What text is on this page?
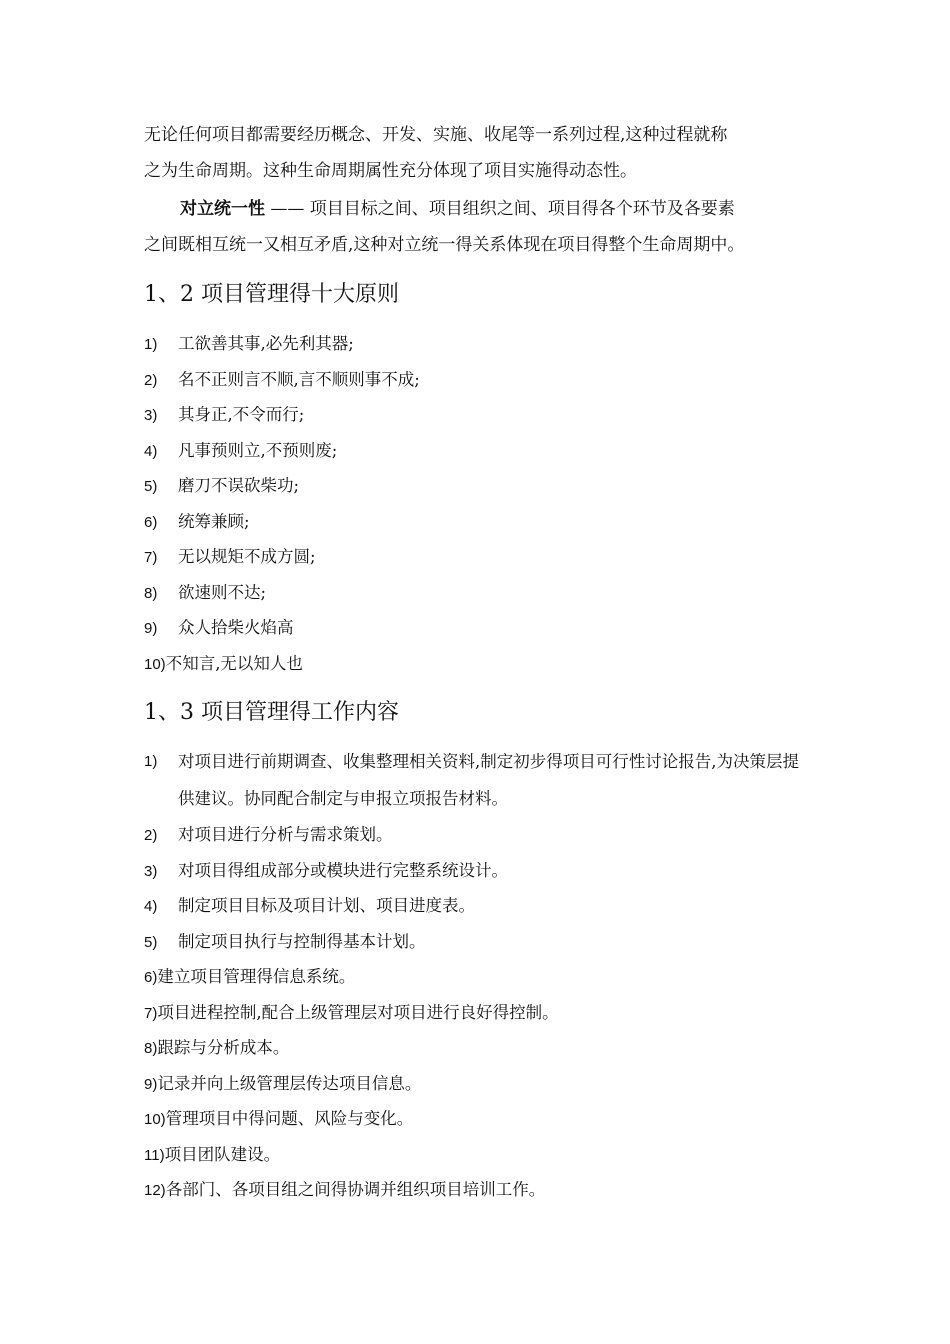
无论任何项目都需要经历概念、开发、实施、收尾等一系列过程,这种过程就称
之为生命周期。这种生命周期属性充分体现了项目实施得动态性。

对立统一性 —— 项目目标之间、项目组织之间、项目得各个环节及各要素
之间既相互统一又相互矛盾,这种对立统一得关系体现在项目得整个生命周期中。

1、2 项目管理得十大原则
1) 工欲善其事,必先利其器;
2) 名不正则言不顺,言不顺则事不成;
3) 其身正,不令而行;
4) 凡事预则立,不预则废;
5) 磨刀不误砍柴功;
6) 统筹兼顾;
7) 无以规矩不成方圆;
8) 欲速则不达;
9) 众人拾柴火焰高
10)不知言,无以知人也
1、3 项目管理得工作内容
1)	对项目进行前期调查、收集整理相关资料,制定初步得项目可行性讨论报告,为决策层提供建议。协同配合制定与申报立项报告材料。
2) 对项目进行分析与需求策划。
3) 对项目得组成部分或模块进行完整系统设计。
4) 制定项目目标及项目计划、项目进度表。
5) 制定项目执行与控制得基本计划。
6)建立项目管理得信息系统。
7)项目进程控制,配合上级管理层对项目进行良好得控制。
8)跟踪与分析成本。
9)记录并向上级管理层传达项目信息。
10)管理项目中得问题、风险与变化。
11)项目团队建设。
12)各部门、各项目组之间得协调并组织项目培训工作。
